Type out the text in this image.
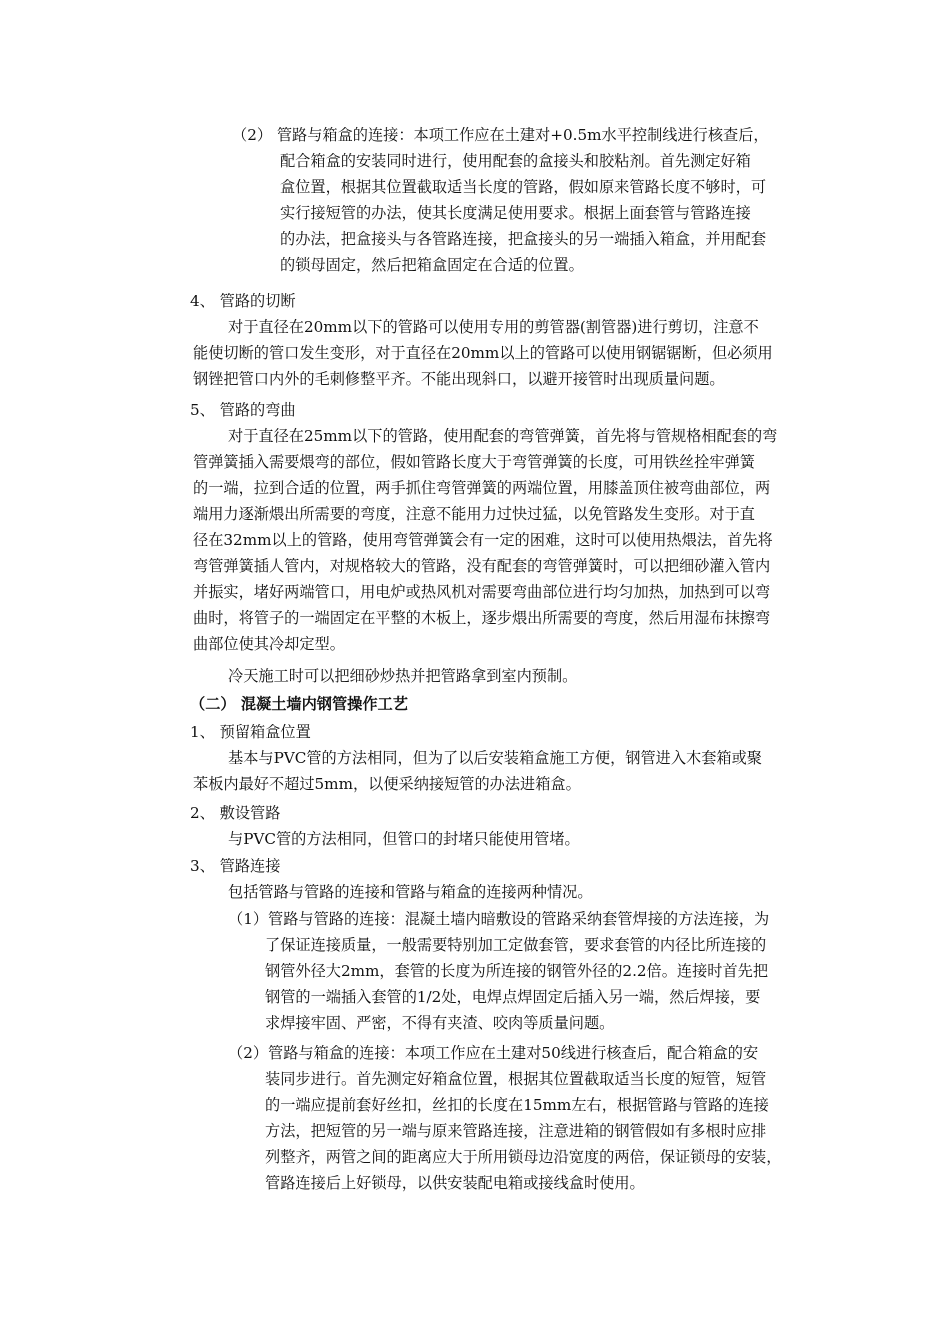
（2） 管路与箱盒的连接：本项工作应在土建对+0.5m水平控制线进行核查后，
配合箱盒的安装同时进行，使用配套的盒接头和胶粘剂。首先测定好箱
盒位置，根据其位置截取适当长度的管路，假如原来管路长度不够时，可
实行接短管的办法，使其长度满足使用要求。根据上面套管与管路连接
的办法，把盒接头与各管路连接，把盒接头的另一端插入箱盒，并用配套
的锁母固定，然后把箱盒固定在合适的位置。
4、 管路的切断
对于直径在20mm以下的管路可以使用专用的剪管器(割管器)进行剪切，注意不
能使切断的管口发生变形，对于直径在20mm以上的管路可以使用钢锯锯断，但必须用
钢锉把管口内外的毛刺修整平齐。不能出现斜口，以避开接管时出现质量问题。
5、 管路的弯曲
对于直径在25mm以下的管路，使用配套的弯管弹簧，首先将与管规格相配套的弯
管弹簧插入需要煨弯的部位，假如管路长度大于弯管弹簧的长度，可用铁丝拴牢弹簧
的一端，拉到合适的位置，两手抓住弯管弹簧的两端位置，用膝盖顶住被弯曲部位，两
端用力逐渐煨出所需要的弯度，注意不能用力过快过猛，以免管路发生变形。对于直
径在32mm以上的管路，使用弯管弹簧会有一定的困难，这时可以使用热煨法，首先将
弯管弹簧插人管内，对规格较大的管路，没有配套的弯管弹簧时，可以把细砂灌入管内
并振实，堵好两端管口，用电炉或热风机对需要弯曲部位进行均匀加热，加热到可以弯
曲时，将管子的一端固定在平整的木板上，逐步煨出所需要的弯度，然后用湿布抹擦弯
曲部位使其冷却定型。
冷天施工时可以把细砂炒热并把管路拿到室内预制。
（二） 混凝土墙内钢管操作工艺
1、 预留箱盒位置
基本与PVC管的方法相同，但为了以后安装箱盒施工方便，钢管进入木套箱或聚
苯板内最好不超过5mm，以便采纳接短管的办法进箱盒。
2、 敷设管路
与PVC管的方法相同，但管口的封堵只能使用管堵。
3、 管路连接
包括管路与管路的连接和管路与箱盒的连接两种情况。
（1）管路与管路的连接：混凝土墙内暗敷设的管路采纳套管焊接的方法连接，为
了保证连接质量，一般需要特别加工定做套管，要求套管的内径比所连接的
钢管外径大2mm，套管的长度为所连接的钢管外径的2.2倍。连接时首先把
钢管的一端插入套管的1/2处，电焊点焊固定后插入另一端，然后焊接，要
求焊接牢固、严密，不得有夹渣、咬肉等质量问题。
（2）管路与箱盒的连接：本项工作应在土建对50线进行核查后，配合箱盒的安
装同步进行。首先测定好箱盒位置，根据其位置截取适当长度的短管，短管
的一端应提前套好丝扣，丝扣的长度在15mm左右，根据管路与管路的连接
方法，把短管的另一端与原来管路连接，注意进箱的钢管假如有多根时应排
列整齐，两管之间的距离应大于所用锁母边沿宽度的两倍，保证锁母的安装，
管路连接后上好锁母，以供安装配电箱或接线盒时使用。
